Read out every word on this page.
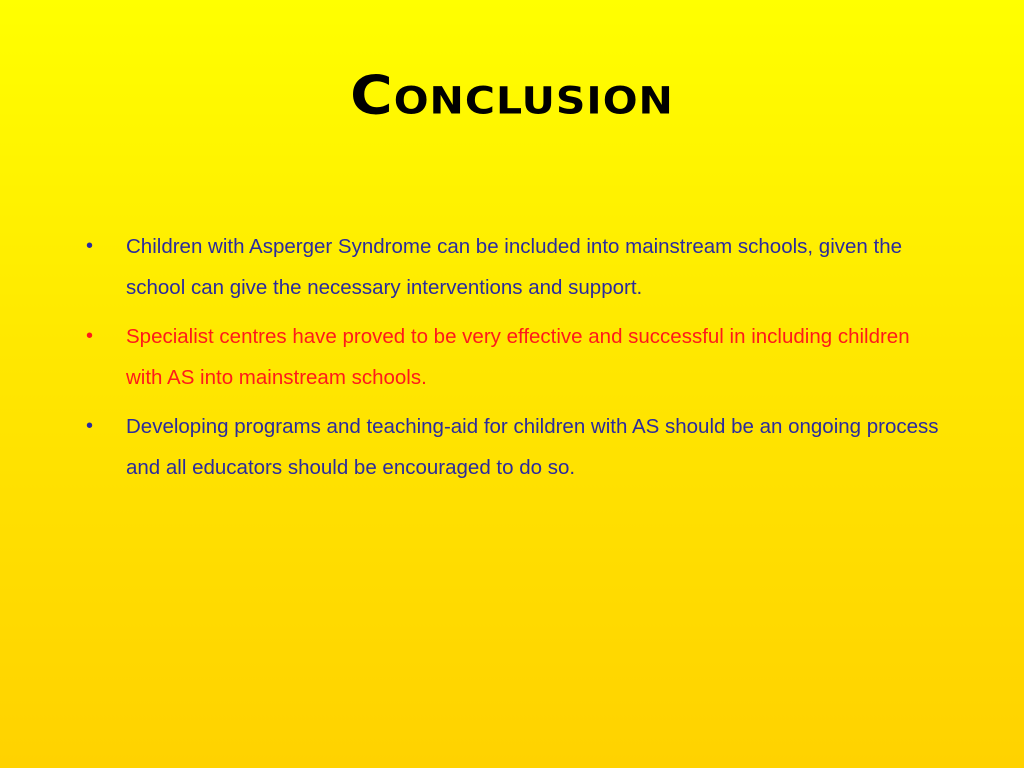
Conclusion
•	Children with Asperger Syndrome can be included into mainstream schools, given the school can give the necessary interventions and support.
•	Specialist centres have proved to be very effective and successful in including children with AS into mainstream schools.
•	Developing programs and teaching-aid for children with AS should be an ongoing process and all educators should be encouraged to do so.
